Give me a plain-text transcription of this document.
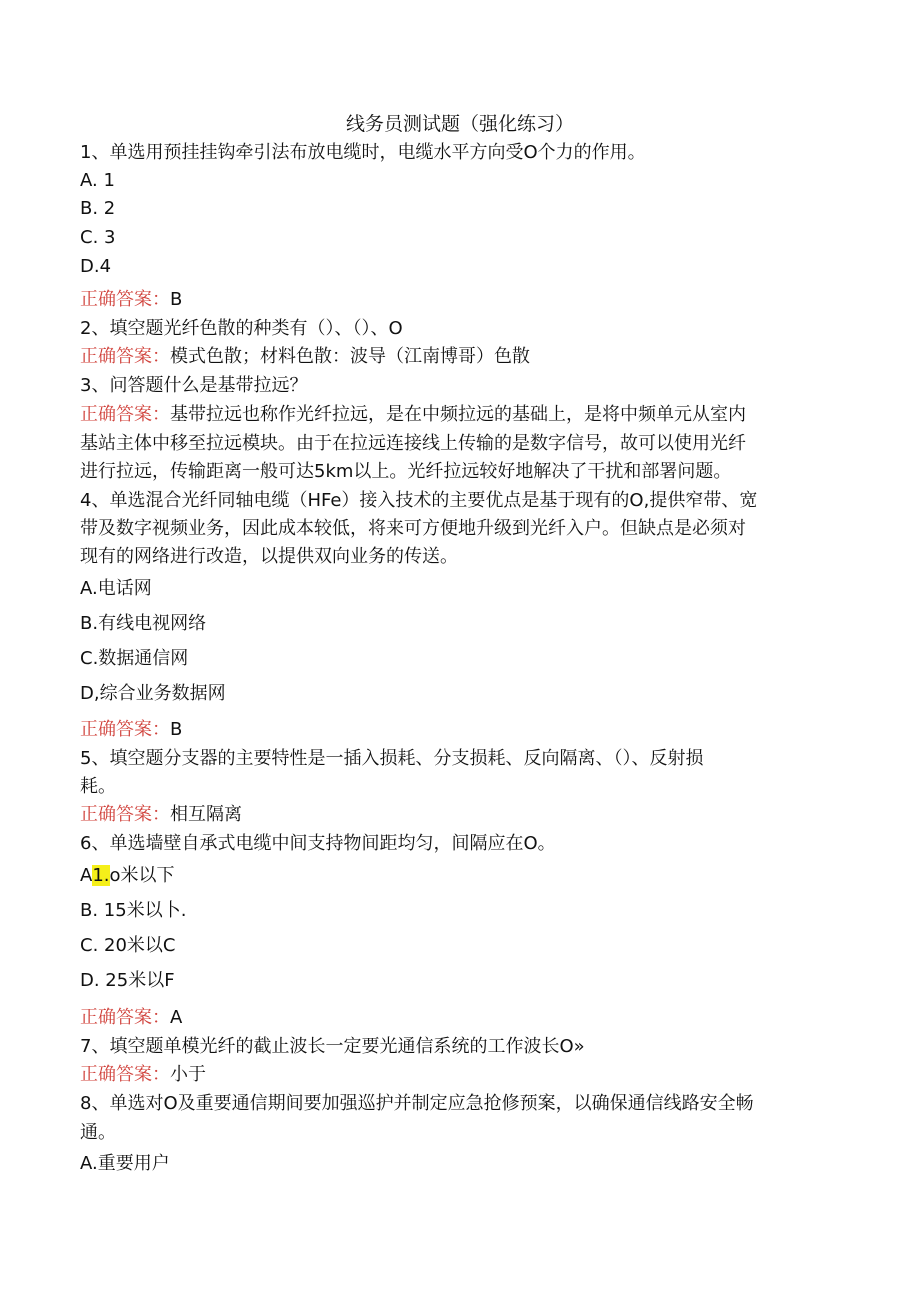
线务员测试题（强化练习）
1、单选用预挂挂钩牵引法布放电缆时，电缆水平方向受O个力的作用。
A. 1
B. 2
C. 3
D.4
正确答案：B
2、填空题光纤色散的种类有（）、（）、O
正确答案：模式色散；材料色散：波导（江南博哥）色散
3、问答题什么是基带拉远？
正确答案：基带拉远也称作光纤拉远，是在中频拉远的基础上，是将中频单元从室内
基站主体中移至拉远模块。由于在拉远连接线上传输的是数字信号，故可以使用光纤
进行拉远，传输距离一般可达5km以上。光纤拉远较好地解决了干扰和部署问题。
4、单选混合光纤同轴电缆（HFe）接入技术的主要优点是基于现有的O,提供窄带、宽
带及数字视频业务，因此成本较低，将来可方便地升级到光纤入户。但缺点是必须对
现有的网络进行改造，以提供双向业务的传送。
A.电话网
B.有线电视网络
C.数据通信网
D,综合业务数据网
正确答案：B
5、填空题分支器的主要特性是一插入损耗、分支损耗、反向隔离、（）、反射损
耗。
正确答案：相互隔离
6、单选墙壁自承式电缆中间支持物间距均匀，间隔应在O。
A1.o米以下
B. 15米以卜.
C. 20米以C
D. 25米以F
正确答案：A
7、填空题单模光纤的截止波长一定要光通信系统的工作波长O»
正确答案：小于
8、单选对O及重要通信期间要加强巡护并制定应急抢修预案，以确保通信线路安全畅
通。
A.重要用户
